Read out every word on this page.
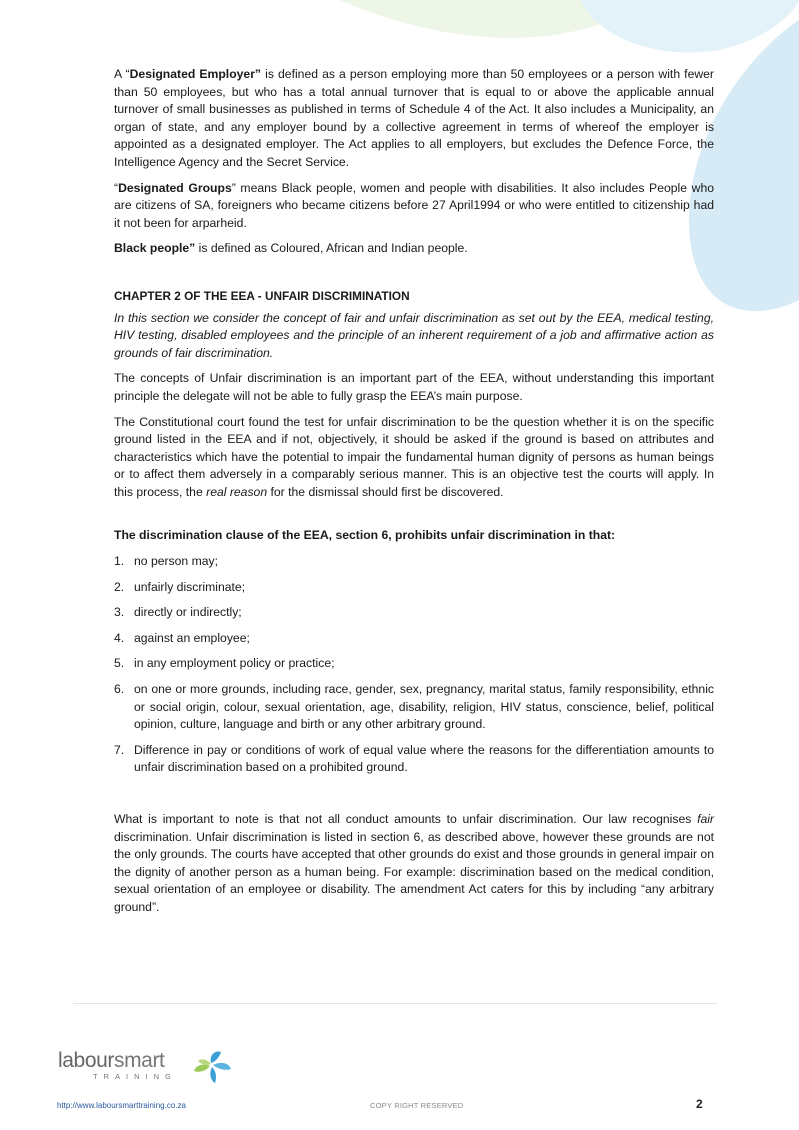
A “Designated Employer” is defined as a person employing more than 50 employees or a person with fewer than 50 employees, but who has a total annual turnover that is equal to or above the applicable annual turnover of small businesses as published in terms of Schedule 4 of the Act. It also includes a Municipality, an organ of state, and any employer bound by a collective agreement in terms of whereof the employer is appointed as a designated employer. The Act applies to all employers, but excludes the Defence Force, the Intelligence Agency and the Secret Service.

“Designated Groups” means Black people, women and people with disabilities. It also includes People who are citizens of SA, foreigners who became citizens before 27 April1994 or who were entitled to citizenship had it not been for arparheid.

Black people” is defined as Coloured, African and Indian people.

CHAPTER 2 OF THE EEA - UNFAIR DISCRIMINATION

In this section we consider the concept of fair and unfair discrimination as set out by the EEA, medical testing, HIV testing, disabled employees and the principle of an inherent requirement of a job and affirmative action as grounds of fair discrimination.

The concepts of Unfair discrimination is an important part of the EEA, without understanding this important principle the delegate will not be able to fully grasp the EEA’s main purpose.

The Constitutional court found the test for unfair discrimination to be the question whether it is on the specific ground listed in the EEA and if not, objectively, it should be asked if the ground is based on attributes and characteristics which have the potential to impair the fundamental human dignity of persons as human beings or to affect them adversely in a comparably serious manner. This is an objective test the courts will apply. In this process, the real reason for the dismissal should first be discovered.

The discrimination clause of the EEA, section 6, prohibits unfair discrimination in that:
1. no person may;
2. unfairly discriminate;
3. directly or indirectly;
4. against an employee;
5. in any employment policy or practice;
6. on one or more grounds, including race, gender, sex, pregnancy, marital status, family responsibility, ethnic or social origin, colour, sexual orientation, age, disability, religion, HIV status, conscience, belief, political opinion, culture, language and birth or any other arbitrary ground.
7. Difference in pay or conditions of work of equal value where the reasons for the differentiation amounts to unfair discrimination based on a prohibited ground.

What is important to note is that not all conduct amounts to unfair discrimination. Our law recognises fair discrimination. Unfair discrimination is listed in section 6, as described above, however these grounds are not the only grounds. The courts have accepted that other grounds do exist and those grounds in general impair on the dignity of another person as a human being. For example: discrimination based on the medical condition, sexual orientation of an employee or disability. The amendment Act caters for this by including “any arbitrary ground”.

laboursmart
TRAINING
http://www.laboursmarttraining.co.za	COPY RIGHT RESERVED	2
